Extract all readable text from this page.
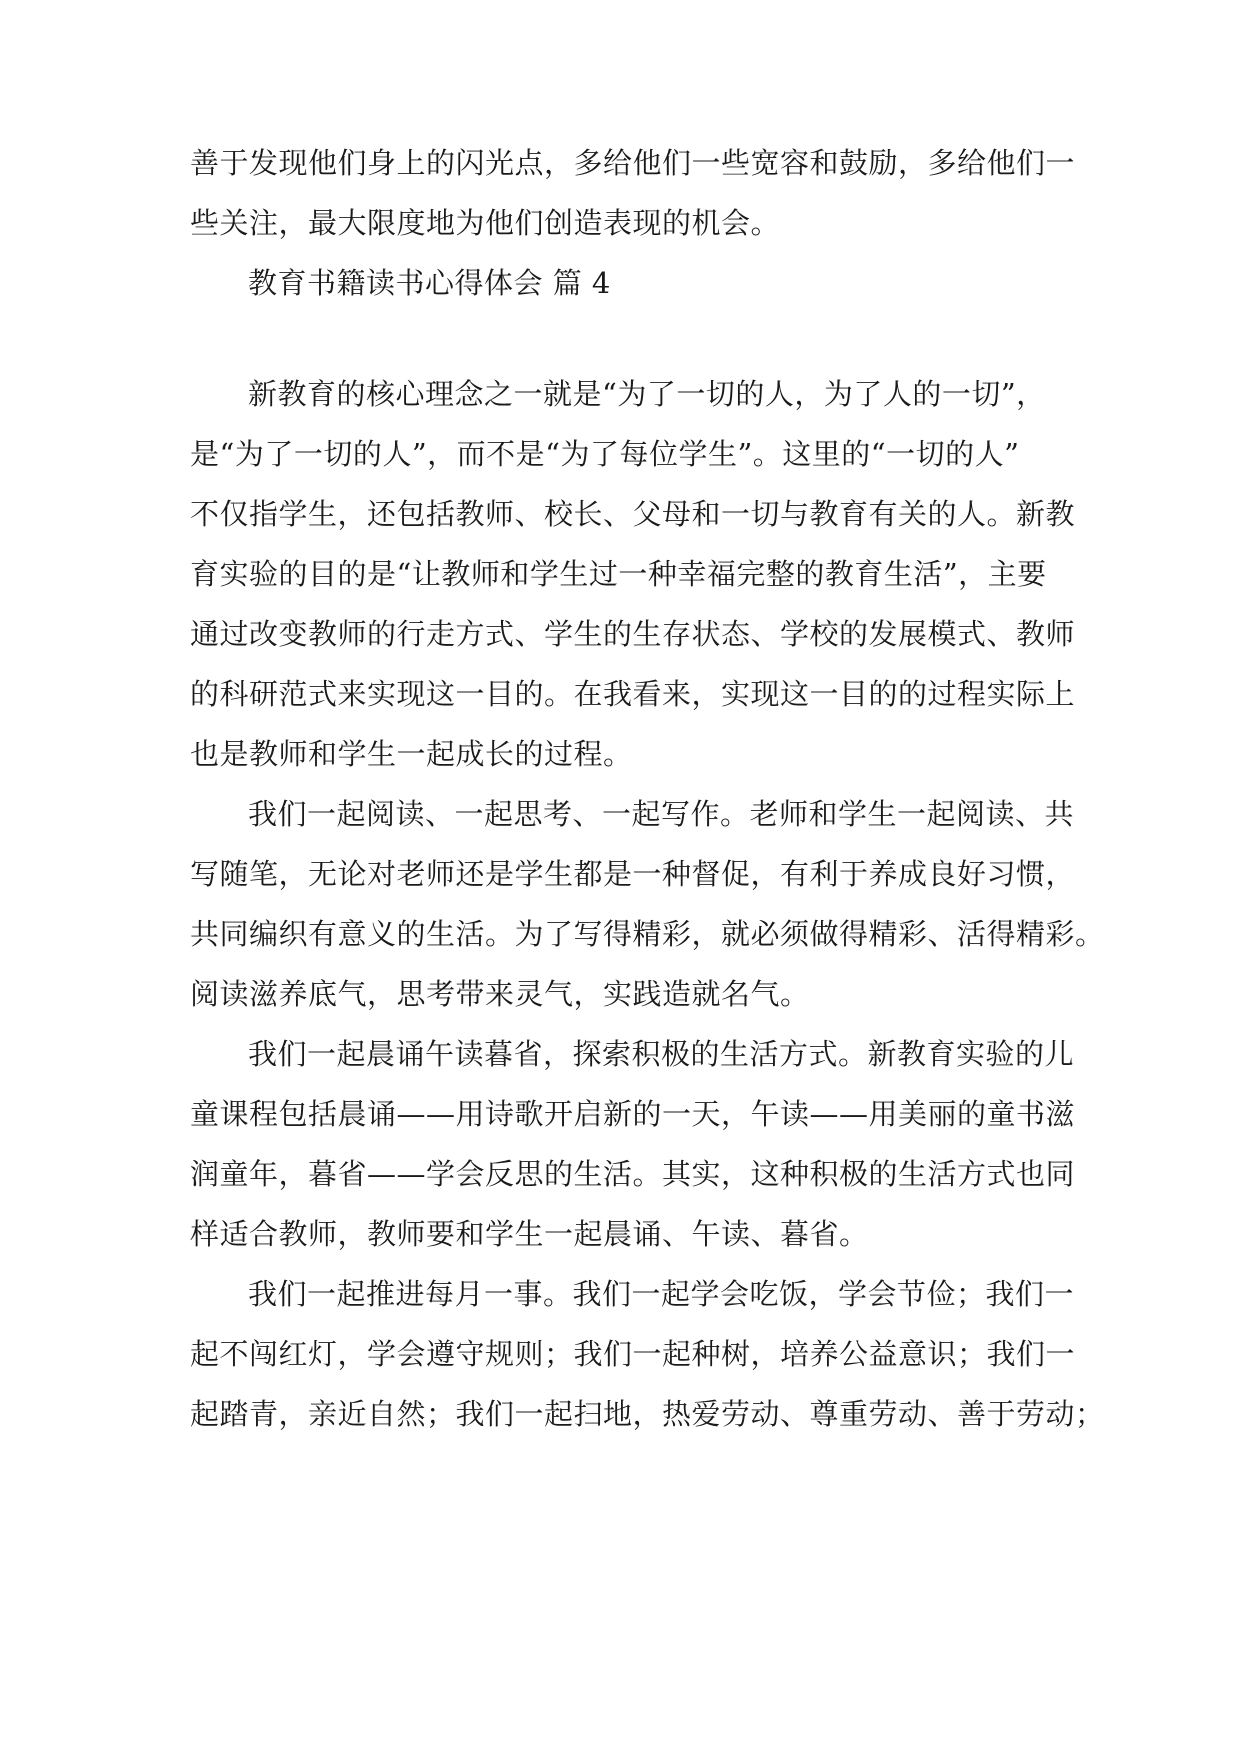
善于发现他们身上的闪光点，多给他们一些宽容和鼓励，多给他们一
些关注，最大限度地为他们创造表现的机会。
教育书籍读书心得体会 篇 4
新教育的核心理念之一就是“为了一切的人，为了人的一切”，
是“为了一切的人”，而不是“为了每位学生”。这里的“一切的人”
不仅指学生，还包括教师、校长、父母和一切与教育有关的人。新教
育实验的目的是“让教师和学生过一种幸福完整的教育生活”，主要
通过改变教师的行走方式、学生的生存状态、学校的发展模式、教师
的科研范式来实现这一目的。在我看来，实现这一目的的过程实际上
也是教师和学生一起成长的过程。
我们一起阅读、一起思考、一起写作。老师和学生一起阅读、共
写随笔，无论对老师还是学生都是一种督促，有利于养成良好习惯，
共同编织有意义的生活。为了写得精彩，就必须做得精彩、活得精彩。
阅读滋养底气，思考带来灵气，实践造就名气。
我们一起晨诵午读暮省，探索积极的生活方式。新教育实验的儿
童课程包括晨诵——用诗歌开启新的一天，午读——用美丽的童书滋
润童年，暮省——学会反思的生活。其实，这种积极的生活方式也同
样适合教师，教师要和学生一起晨诵、午读、暮省。
我们一起推进每月一事。我们一起学会吃饭，学会节俭；我们一
起不闯红灯，学会遵守规则；我们一起种树，培养公益意识；我们一
起踏青，亲近自然；我们一起扫地，热爱劳动、尊重劳动、善于劳动；
